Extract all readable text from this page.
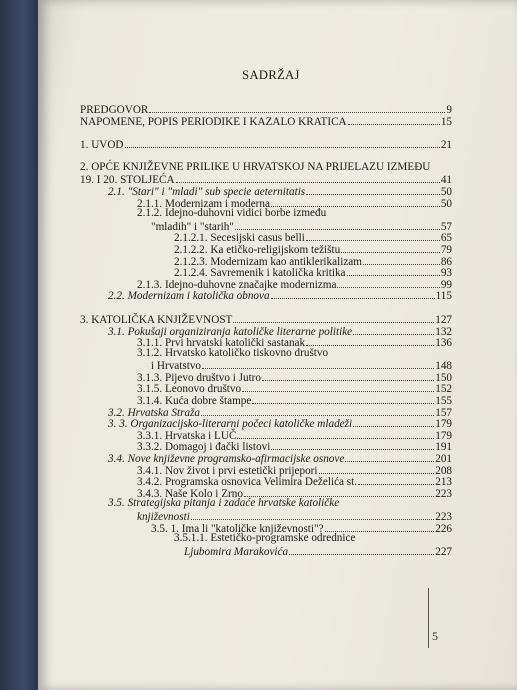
SADRŽAJ
PREDGOVOR	9
NAPOMENE, POPIS PERIODIKE I KAZALO KRATICA	15
1. UVOD	21
2. OPĆE KNJIŽEVNE PRILIKE U HRVATSKOJ NA PRIJELAZU IZMEĐU
19. I 20. STOLJEĆA	41
2.1. "Stari" i "mladi" sub specie aeternitatis	50
2.1.1. Modernizam i moderna	50
2.1.2. Idejno-duhovni vidici borbe između
"mladih" i "starih"	57
2.1.2.1. Secesijski casus belli	65
2.1.2.2. Ka etičko-religijskom težištu	79
2.1.2.3. Modernizam kao antiklerikalizam	86
2.1.2.4. Savremenik i katolička kritika	93
2.1.3. Idejno-duhovne značajke modernizma	99
2.2. Modernizam i katolička obnova	115
3. KATOLIČKA KNJIŽEVNOST	127
3.1. Pokušaji organiziranja katoličke literarne politike	132
3.1.1. Prvi hrvatski katolički sastanak	136
3.1.2. Hrvatsko katoličko tiskovno društvo
i Hrvatstvo	148
3.1.3. Pijevo društvo i Jutro	150
3.1.5. Leonovo društvo	152
3.1.4. Kuća dobre štampe	155
3.2. Hrvatska Straža	157
3. 3. Organizacijsko-literarni počeci katoličke mladeži	179
3.3.1. Hrvatska i LUČ	179
3.3.2. Domagoj i đački listovi	191
3.4. Nove književne programsko-afirmacijske osnove	201
3.4.1. Nov život i prvi estetički prijepori	208
3.4.2. Programska osnovica Velimira Deželića st.	213
3.4.3. Naše Kolo i Zrno	223
3.5. Strategijska pitanja i zadaće hrvatske katoličke
književnosti	223
3.5. 1. Ima li "katoličke književnosti"?	226
3.5.1.1. Estetičko-programske odrednice
Ljubomira Marakovića	227
5
